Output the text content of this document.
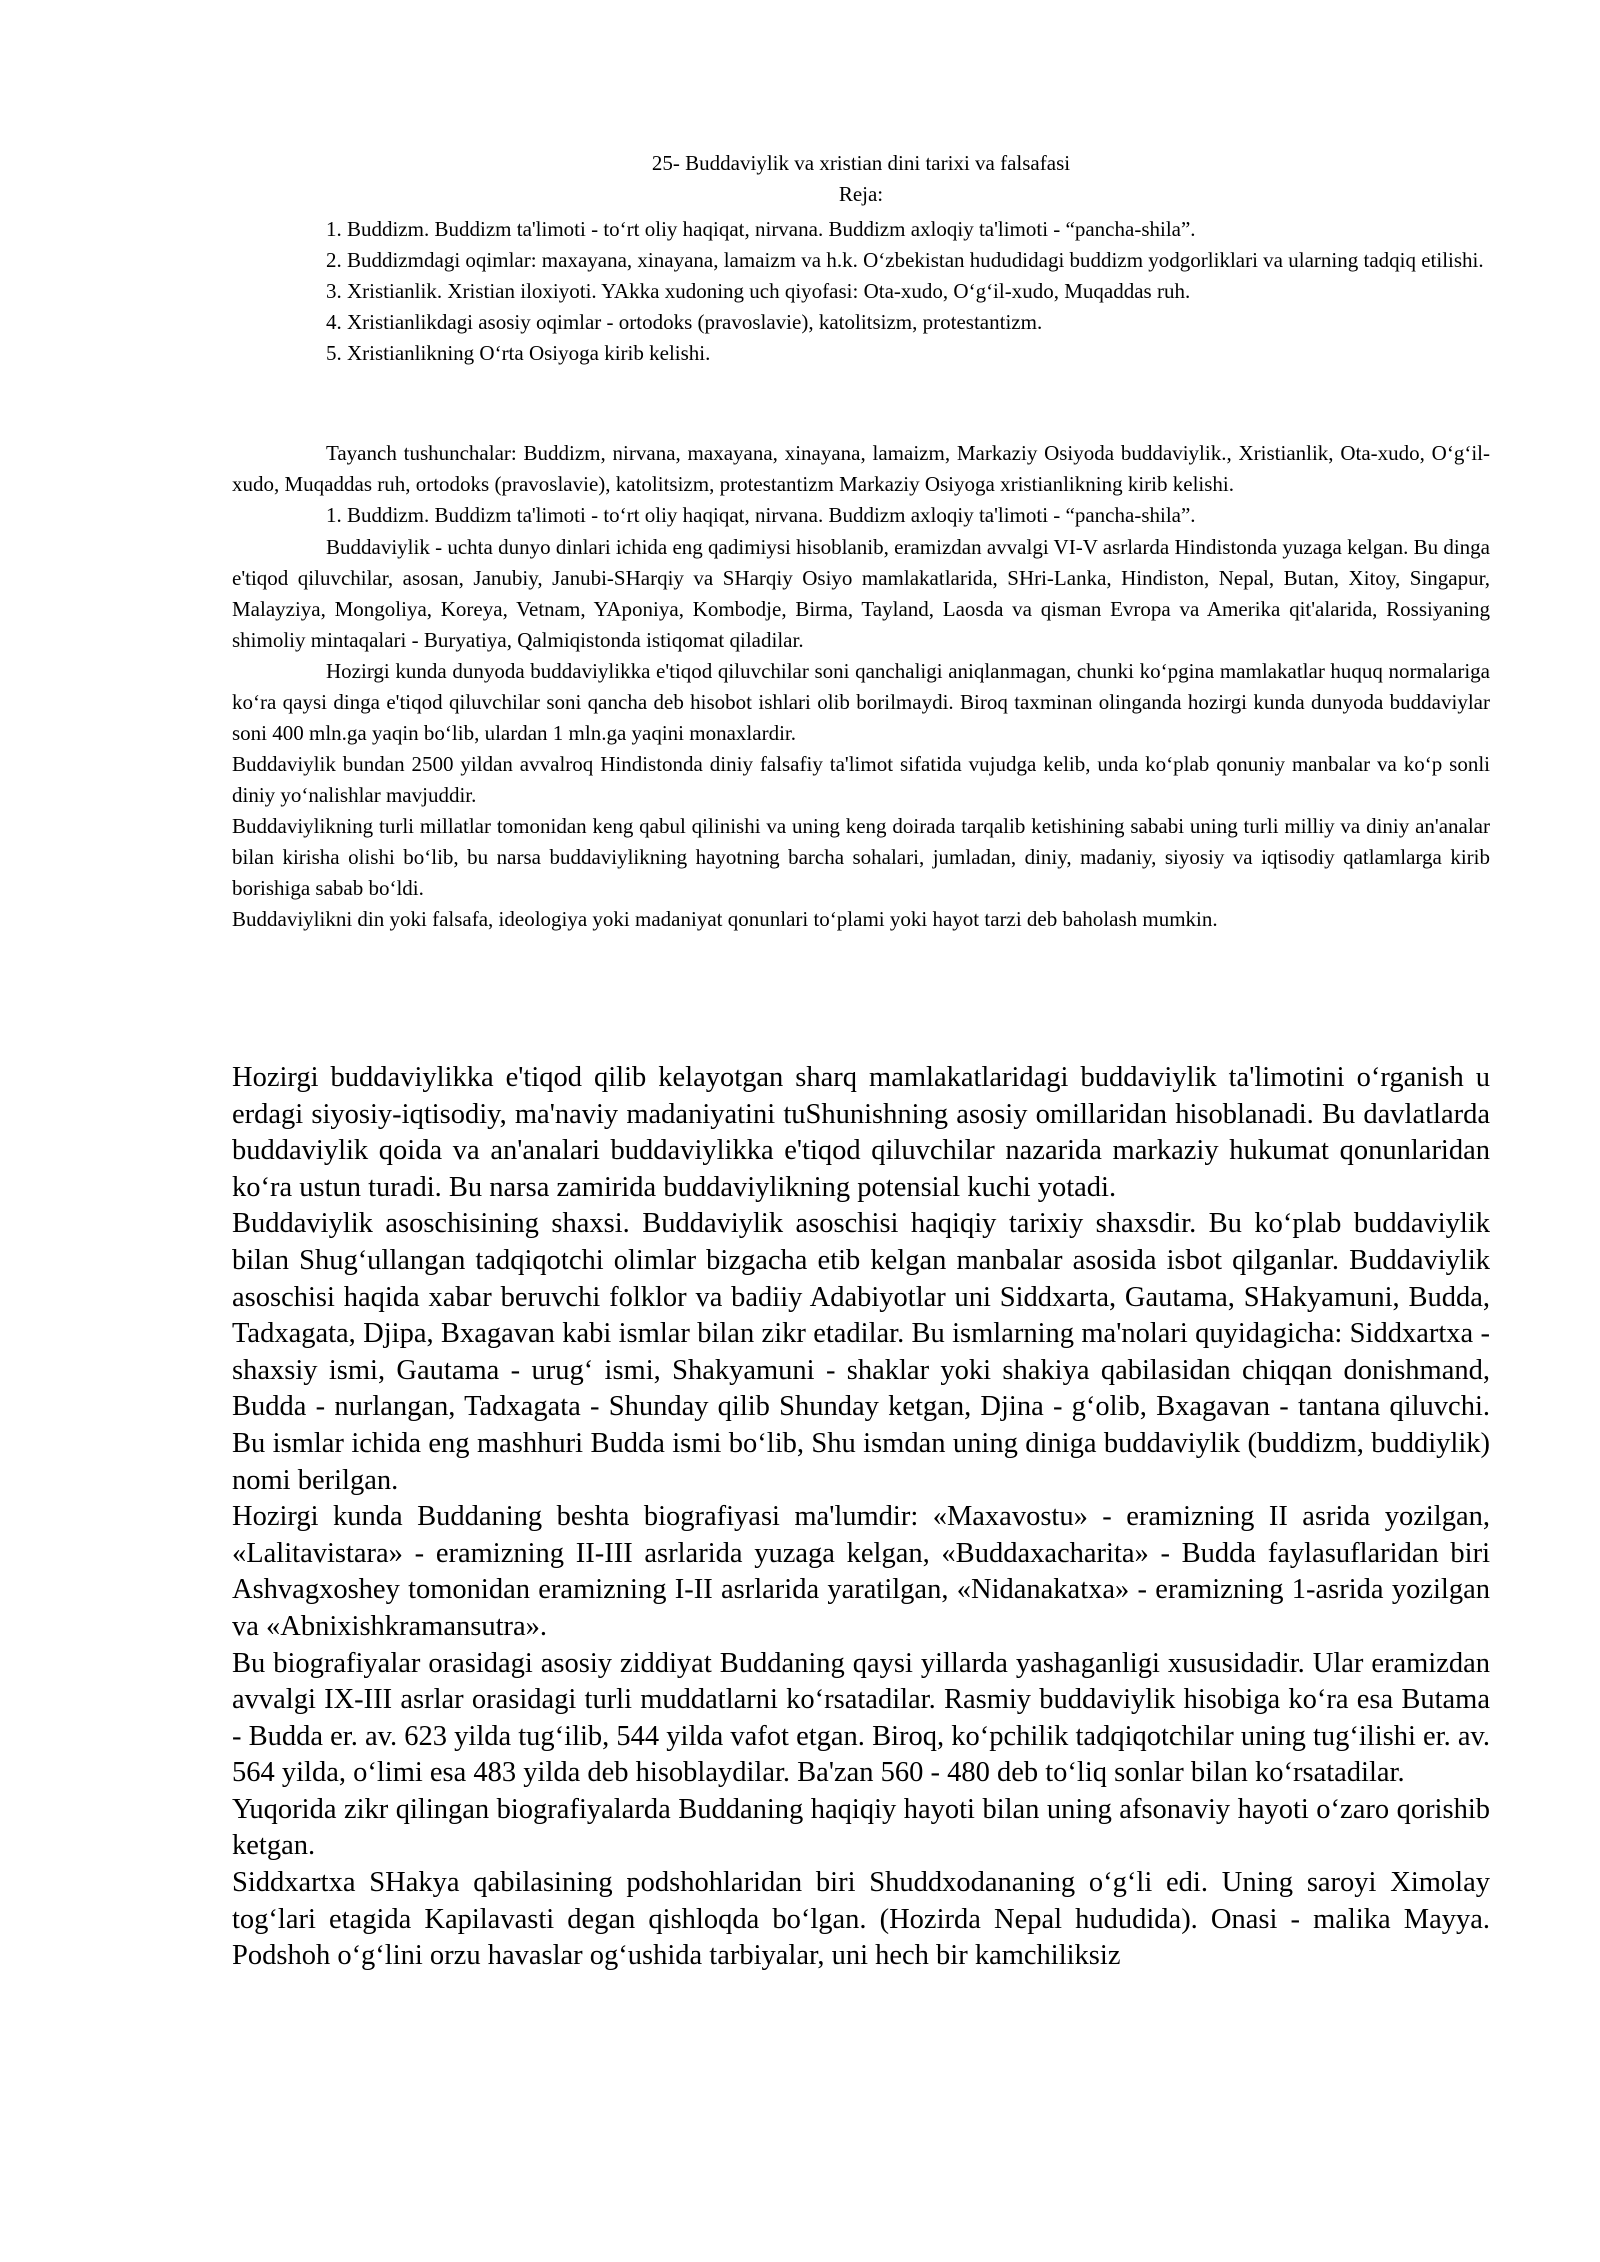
25- Buddaviylik va xristian dini tarixi va falsafasi

Reja:

1. Buddizm. Buddizm ta'limoti - to‘rt oliy haqiqat, nirvana. Buddizm axloqiy ta'limoti - “pancha-shila”.

2. Buddizmdagi oqimlar: maxayana, xinayana, lamaizm va h.k. O‘zbekistan hududidagi buddizm yodgorliklari va ularning tadqiq etilishi.

3. Xristianlik. Xristian iloxiyoti. YAkka xudoning uch qiyofasi: Ota-xudo, O‘g‘il-xudo, Muqaddas ruh.

4. Xristianlikdagi asosiy oqimlar - ortodoks (pravoslavie), katolitsizm, protestantizm.

5. Xristianlikning O‘rta Osiyoga kirib kelishi.

Tayanch tushunchalar: Buddizm, nirvana, maxayana, xinayana, lamaizm, Markaziy Osiyoda buddaviylik., Xristianlik, Ota-xudo, O‘g‘il-xudo, Muqaddas ruh, ortodoks (pravoslavie), katolitsizm, protestantizm Markaziy Osiyoga xristianlikning kirib kelishi.

1. Buddizm. Buddizm ta'limoti - to‘rt oliy haqiqat, nirvana. Buddizm axloqiy ta'limoti - “pancha-shila”.

Buddaviylik - uchta dunyo dinlari ichida eng qadimiysi hisoblanib, eramizdan avvalgi VI-V asrlarda Hindistonda yuzaga kelgan. Bu dinga e'tiqod qiluvchilar, asosan, Janubiy, Janubi-SHarqiy va SHarqiy Osiyo mamlakatlarida, SHri-Lanka, Hindiston, Nepal, Butan, Xitoy, Singapur, Malayziya, Mongoliya, Koreya, Vetnam, YAponiya, Kombodje, Birma, Tayland, Laosda va qisman Evropa va Amerika qit'alarida, Rossiyaning shimoliy mintaqalari - Buryatiya, Qalmiqistonda istiqomat qiladilar.

Hozirgi kunda dunyoda buddaviylikka e'tiqod qiluvchilar soni qanchaligi aniqlanmagan, chunki ko‘pgina mamlakatlar huquq normalariga ko‘ra qaysi dinga e'tiqod qiluvchilar soni qancha deb hisobot ishlari olib borilmaydi. Biroq taxminan olinganda hozirgi kunda dunyoda buddaviylar soni 400 mln.ga yaqin bo‘lib, ulardan 1 mln.ga yaqini monaxlardir.

Buddaviylik bundan 2500 yildan avvalroq Hindistonda diniy falsafiy ta'limot sifatida vujudga kelib, unda ko‘plab qonuniy manbalar va ko‘p sonli diniy yo‘nalishlar mavjuddir.

Buddaviylikning turli millatlar tomonidan keng qabul qilinishi va uning keng doirada tarqalib ketishining sababi uning turli milliy va diniy an'analar bilan kirisha olishi bo‘lib, bu narsa buddaviylikning hayotning barcha sohalari, jumladan, diniy, madaniy, siyosiy va iqtisodiy qatlamlarga kirib borishiga sabab bo‘ldi.

Buddaviylikni din yoki falsafa, ideologiya yoki madaniyat qonunlari to‘plami yoki hayot tarzi deb baholash mumkin.

Hozirgi buddaviylikka e'tiqod qilib kelayotgan sharq mamlakatlaridagi buddaviylik ta'limotini o‘rganish u erdagi siyosiy-iqtisodiy, ma'naviy madaniyatini tuShunishning asosiy omillaridan hisoblanadi. Bu davlatlarda buddaviylik qoida va an'analari buddaviylikka e'tiqod qiluvchilar nazarida markaziy hukumat qonunlaridan ko‘ra ustun turadi. Bu narsa zamirida buddaviylikning potensial kuchi yotadi.

Buddaviylik asoschisining shaxsi. Buddaviylik asoschisi haqiqiy tarixiy shaxsdir. Bu ko‘plab buddaviylik bilan Shug‘ullangan tadqiqotchi olimlar bizgacha etib kelgan manbalar asosida isbot qilganlar. Buddaviylik asoschisi haqida xabar beruvchi folklor va badiiy Adabiyotlar uni Siddxarta, Gautama, SHakyamuni, Budda, Tadxagata, Djipa, Bxagavan kabi ismlar bilan zikr etadilar. Bu ismlarning ma'nolari quyidagicha: Siddxartxa - shaxsiy ismi, Gautama - urug‘ ismi, Shakyamuni - shaklar yoki shakiya qabilasidan chiqqan donishmand, Budda - nurlangan, Tadxagata - Shunday qilib Shunday ketgan, Djina - g‘olib, Bxagavan - tantana qiluvchi. Bu ismlar ichida eng mashhuri Budda ismi bo‘lib, Shu ismdan uning diniga buddaviylik (buddizm, buddiylik) nomi berilgan.

Hozirgi kunda Buddaning beshta biografiyasi ma'lumdir: «Maxavostu» - eramizning II asrida yozilgan, «Lalitavistara» - eramizning II-III asrlarida yuzaga kelgan, «Buddaxacharita» - Budda faylasuflaridan biri Ashvagxoshey tomonidan eramizning I-II asrlarida yaratilgan, «Nidanakatxa» - eramizning 1-asrida yozilgan va «Abnixishkramansutra».

Bu biografiyalar orasidagi asosiy ziddiyat Buddaning qaysi yillarda yashaganligi xususidadir. Ular eramizdan avvalgi IX-III asrlar orasidagi turli muddatlarni ko‘rsatadilar. Rasmiy buddaviylik hisobiga ko‘ra esa Butama - Budda er. av. 623 yilda tug‘ilib, 544 yilda vafot etgan. Biroq, ko‘pchilik tadqiqotchilar uning tug‘ilishi er. av. 564 yilda, o‘limi esa 483 yilda deb hisoblaydilar. Ba'zan 560 - 480 deb to‘liq sonlar bilan ko‘rsatadilar.

Yuqorida zikr qilingan biografiyalarda Buddaning haqiqiy hayoti bilan uning afsonaviy hayoti o‘zaro qorishib ketgan.

Siddxartxa SHakya qabilasining podshohlaridan biri Shuddxodananing o‘g‘li edi. Uning saroyi Ximolay tog‘lari etagida Kapilavasti degan qishloqda bo‘lgan. (Hozirda Nepal hududida). Onasi - malika Mayya. Podshoh o‘g‘lini orzu havaslar og‘ushida tarbiyalar, uni hech bir kamchiliksiz
